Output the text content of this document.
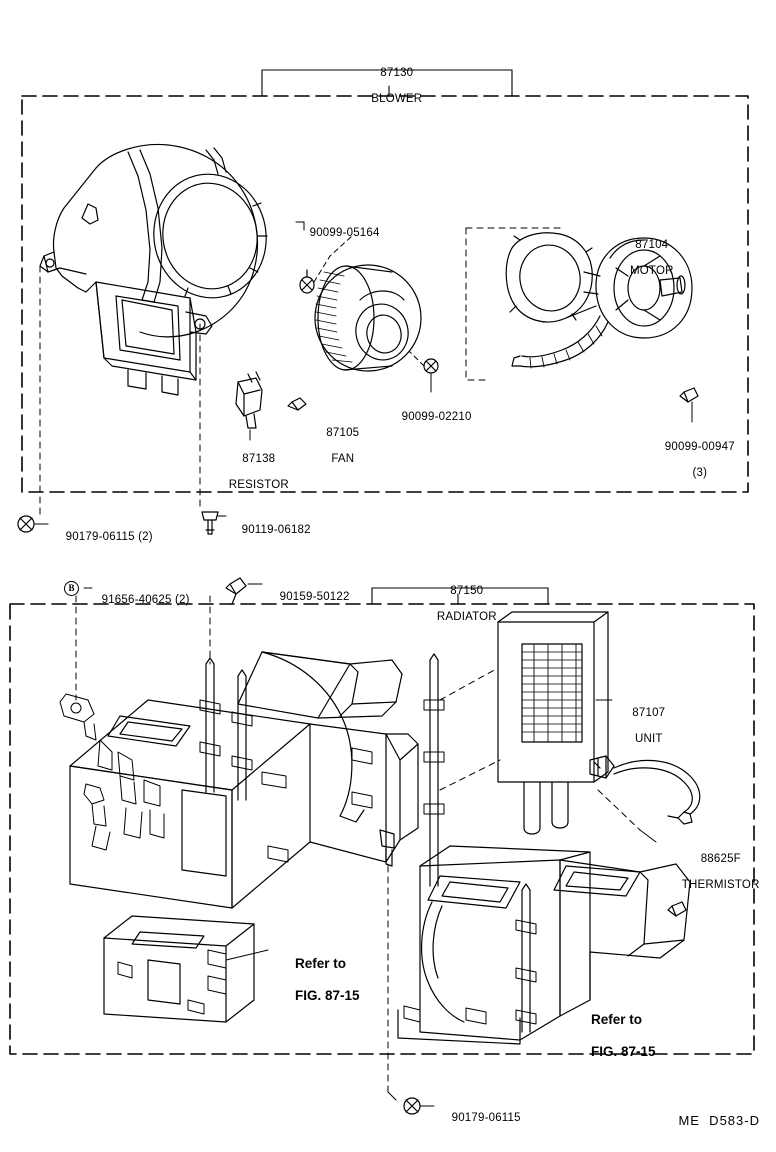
87130

BLOWER

90099-05164

87104

MOTOR

90099-02210

87105

FAN

87138

RESISTOR

90099-00947

(3)

90179-06115 (2)

90119-06182

B

91656-40625 (2)
	90159-50122
	87150

RADIATOR

87107

UNIT

88625F

THERMISTOR

Refer to

FIG. 87-15

Refer to

FIG. 87-15

90179-06115
	ME  D583-D
